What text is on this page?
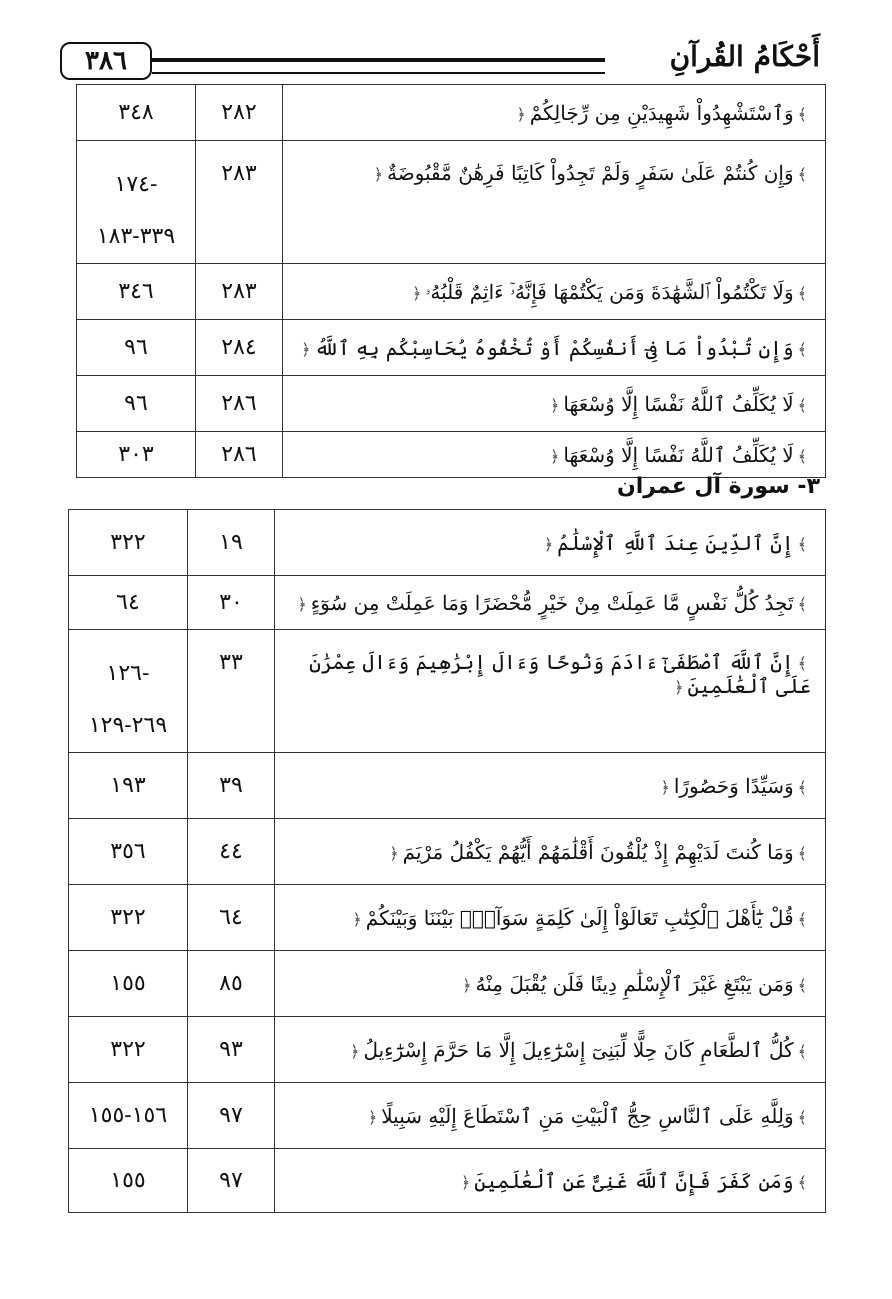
أَحْكَامُ القُرآنِ
٣٨٦
﴾وَٱسْتَشْهِدُواْ شَهِيدَيْنِ مِن رِّجَالِكُمْ﴿	٢٨٢	٣٤٨
﴾وَإِن كُنتُمْ عَلَىٰ سَفَرٍ وَلَمْ تَجِدُواْ كَاتِبًا فَرِهَٰنٌ مَّقْبُوضَةٌ﴿	٢٨٣	-١٧٤
٣٣٩-١٨٣

﴾وَلَا تَكْتُمُواْ ٱلشَّهَٰدَةَ وَمَن يَكْتُمْهَا فَإِنَّهُۥٓ ءَاثِمٌ قَلْبُهُۥ﴿	٢٨٣	٣٤٦
﴾وَإِن تُبْدُواْ مَا فِىٓ أَنفُسِكُمْ أَوْ تُخْفُوهُ يُحَاسِبْكُم بِهِ ٱللَّهُ﴿	٢٨٤	٩٦
﴾لَا يُكَلِّفُ ٱللَّهُ نَفْسًا إِلَّا وُسْعَهَا﴿	٢٨٦	٩٦
﴾لَا يُكَلِّفُ ٱللَّهُ نَفْسًا إِلَّا وُسْعَهَا﴿	٢٨٦	٣٠٣
٣- سورة آل عمران
﴾إِنَّ ٱلدِّينَ عِندَ ٱللَّهِ ٱلْإِسْلَٰمُ﴿	١٩	٣٢٢
﴾تَجِدُ كُلُّ نَفْسٍ مَّا عَمِلَتْ مِنْ خَيْرٍ مُّحْضَرًا وَمَا عَمِلَتْ مِن سُوٓءٍ﴿	٣٠	٦٤
﴾إِنَّ ٱللَّهَ ٱصْطَفَىٰٓ ءَادَمَ وَنُوحًا وَءَالَ إِبْرَٰهِيمَ وَءَالَ عِمْرَٰنَ عَلَى ٱلْعَٰلَمِينَ﴿	٣٣	-١٢٦
٢٦٩-١٢٩

﴾وَسَيِّدًا وَحَصُورًا﴿	٣٩	١٩٣
﴾وَمَا كُنتَ لَدَيْهِمْ إِذْ يُلْقُونَ أَقْلَٰمَهُمْ أَيُّهُمْ يَكْفُلُ مَرْيَمَ﴿	٤٤	٣٥٦
﴾قُلْ يَٰٓأَهْلَ ٱلْكِتَٰبِ تَعَالَوْاْ إِلَىٰ كَلِمَةٍ سَوَآءٍۭ بَيْنَنَا وَبَيْنَكُمْ﴿	٦٤	٣٢٢
﴾وَمَن يَبْتَغِ غَيْرَ ٱلْإِسْلَٰمِ دِينًا فَلَن يُقْبَلَ مِنْهُ﴿	٨٥	١٥٥
﴾كُلُّ ٱلطَّعَامِ كَانَ حِلًّا لِّبَنِىٓ إِسْرَٰٓءِيلَ إِلَّا مَا حَرَّمَ إِسْرَٰٓءِيلُ﴿	٩٣	٣٢٢
﴾وَلِلَّهِ عَلَى ٱلنَّاسِ حِجُّ ٱلْبَيْتِ مَنِ ٱسْتَطَاعَ إِلَيْهِ سَبِيلًا﴿	٩٧	١٥٦-١٥٥
﴾وَمَن كَفَرَ فَإِنَّ ٱللَّهَ غَنِىٌّ عَنِ ٱلْعَٰلَمِينَ﴿	٩٧	١٥٥
